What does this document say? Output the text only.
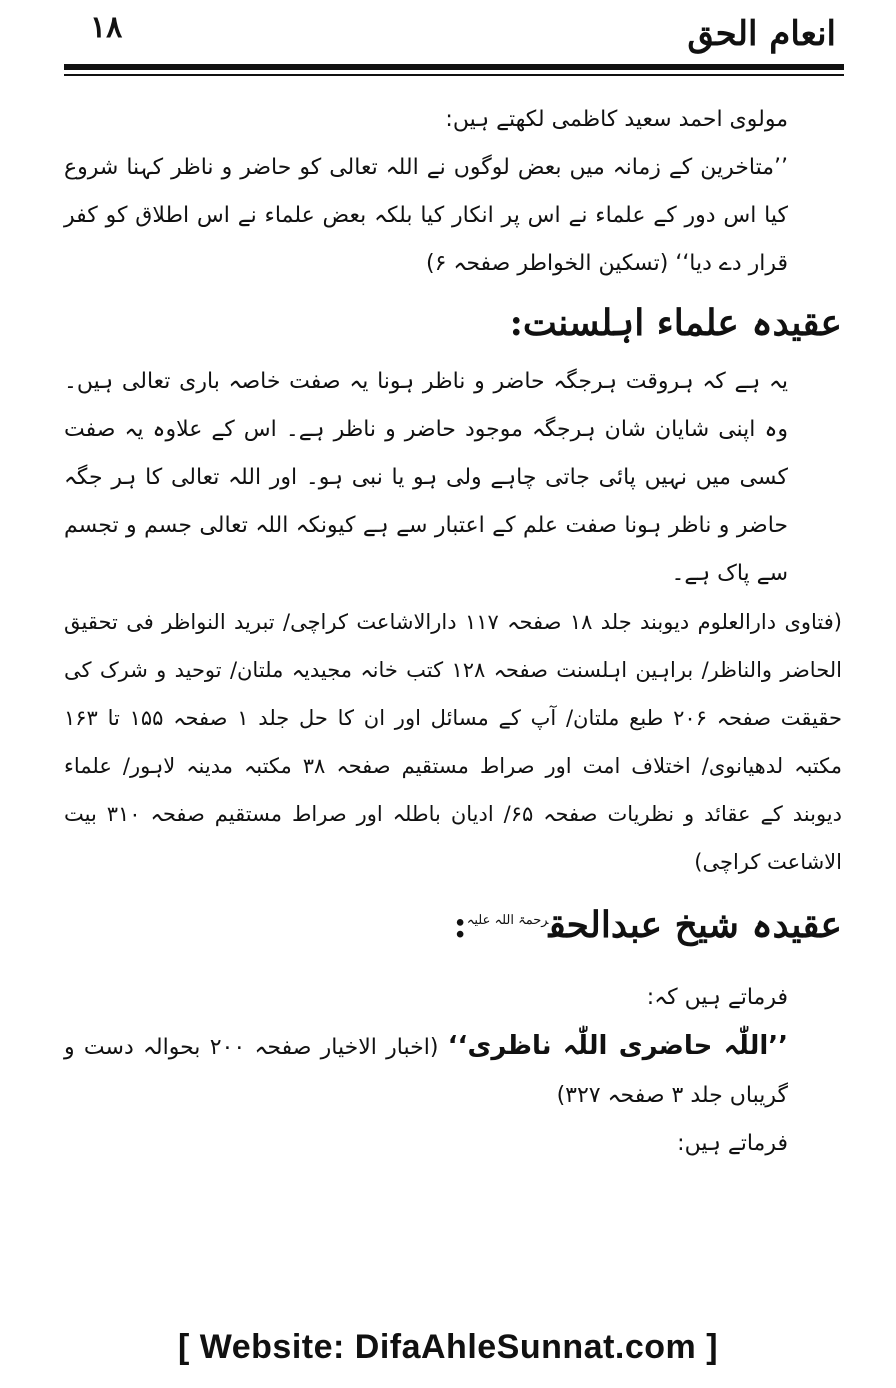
۱۸	انعام الحق

مولوی احمد سعید کاظمی لکھتے ہیں:

’’متاخرین کے زمانہ میں بعض لوگوں نے اللہ تعالی کو حاضر و ناظر کہنا شروع کیا اس دور کے علماء نے اس پر انکار کیا بلکہ بعض علماء نے اس اطلاق کو کفر قرار دے دیا‘‘ (تسکین الخواطر صفحہ ۶)

عقیدہ علماء اہلسنت:

یہ ہے کہ ہروقت ہرجگہ حاضر و ناظر ہونا یہ صفت خاصہ باری تعالی ہیں۔ وہ اپنی شایان شان ہرجگہ موجود حاضر و ناظر ہے۔ اس کے علاوہ یہ صفت کسی میں نہیں پائی جاتی چاہے ولی ہو یا نبی ہو۔ اور اللہ تعالی کا ہر جگہ حاضر و ناظر ہونا صفت علم کے اعتبار سے ہے کیونکہ اللہ تعالی جسم و تجسم سے پاک ہے۔

(فتاوی دارالعلوم دیوبند جلد ۱۸ صفحہ ۱۱۷ دارالاشاعت کراچی/ تبرید النواظر فی تحقیق الحاضر والناظر/ براہین اہلسنت صفحہ ۱۲۸ کتب خانہ مجیدیہ ملتان/ توحید و شرک کی حقیقت صفحہ ۲۰۶ طبع ملتان/ آپ کے مسائل اور ان کا حل جلد ۱ صفحہ ۱۵۵ تا ۱۶۳ مکتبہ لدھیانوی/ اختلاف امت اور صراط مستقیم صفحہ ۳۸ مکتبہ مدینہ لاہور/ علماء دیوبند کے عقائد و نظریات صفحہ ۶۵/ ادیان باطلہ اور صراط مستقیم صفحہ ۳۱۰ بیت الاشاعت کراچی)

عقیدہ شیخ عبدالحق$^{رحمۃ اللہ علیہ}$:

فرماتے ہیں کہ:

’’اللّٰہ حاضری اللّٰہ ناظری‘‘ (اخبار الاخیار صفحہ ۲۰۰ بحوالہ دست و گریباں جلد ۳ صفحہ ۳۲۷)

فرماتے ہیں:

[ Website: DifaAhleSunnat.com ]
